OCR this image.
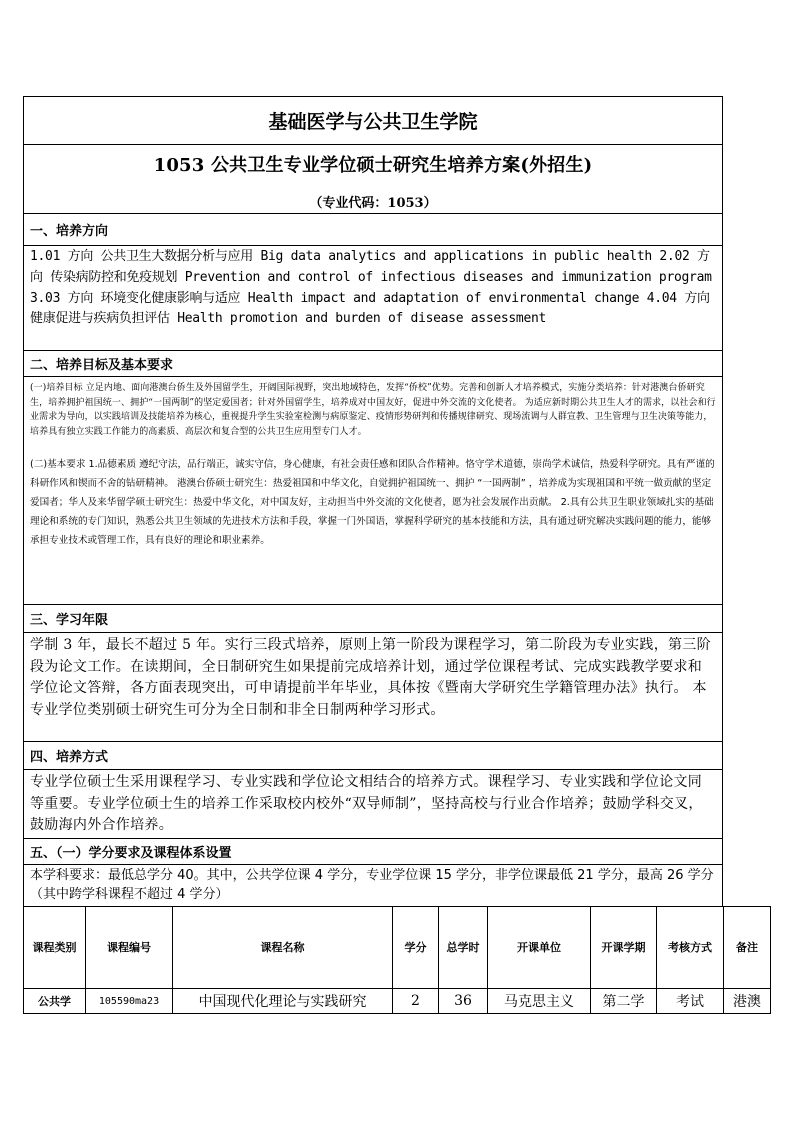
基础医学与公共卫生学院
1053 公共卫生专业学位硕士研究生培养方案(外招生)
（专业代码：1053）
一、培养方向
1.01 方向 公共卫生大数据分析与应用 Big data analytics and applications in public health 2.02 方向 传染病防控和免疫规划 Prevention and control of infectious diseases and immunization program 3.03 方向 环境变化健康影响与适应 Health impact and adaptation of environmental change 4.04 方向 健康促进与疾病负担评估 Health promotion and burden of disease assessment
二、培养目标及基本要求

(一)培养目标 立足内地、面向港澳台侨生及外国留学生，开阔国际视野，突出地域特色，发挥“侨校”优势。完善和创新人才培养模式，实施分类培养：针对港澳台侨研究生，培养拥护祖国统一、拥护“一国两制”的坚定爱国者；针对外国留学生，培养成对中国友好，促进中外交流的文化使者。 为适应新时期公共卫生人才的需求，以社会和行业需求为导向，以实践培训及技能培养为核心，重视提升学生实验室检测与病原鉴定、疫情形势研判和传播规律研究、现场流调与人群宣教、卫生管理与卫生决策等能力，培养具有独立实践工作能力的高素质、高层次和复合型的公共卫生应用型专门人才。

(二)基本要求 1.品德素质 遵纪守法，品行端正，诚实守信，身心健康，有社会责任感和团队合作精神。恪守学术道德，崇尚学术诚信，热爱科学研究。具有严谨的科研作风和锲而不舍的钻研精神。 港澳台侨硕士研究生：热爱祖国和中华文化，自觉拥护祖国统一、拥护 “一国两制” ，培养成为实现祖国和平统一做贡献的坚定爱国者；华人及来华留学硕士研究生：热爱中华文化，对中国友好，主动担当中外交流的文化使者，愿为社会发展作出贡献。 2.具有公共卫生职业领域扎实的基础理论和系统的专门知识，熟悉公共卫生领域的先进技术方法和手段，掌握一门外国语，掌握科学研究的基本技能和方法，具有通过研究解决实践问题的能力，能够承担专业技术或管理工作，具有良好的理论和职业素养。

三、学习年限
学制 3 年，最长不超过 5 年。实行三段式培养，原则上第一阶段为课程学习，第二阶段为专业实践，第三阶段为论文工作。在读期间，全日制研究生如果提前完成培养计划，通过学位课程考试、完成实践教学要求和学位论文答辩，各方面表现突出，可申请提前半年毕业，具体按《暨南大学研究生学籍管理办法》执行。 本专业学位类别硕士研究生可分为全日制和非全日制两种学习形式。
四、培养方式
专业学位硕士生采用课程学习、专业实践和学位论文相结合的培养方式。课程学习、专业实践和学位论文同等重要。专业学位硕士生的培养工作采取校内校外“双导师制”，坚持高校与行业合作培养；鼓励学科交叉，鼓励海内外合作培养。
五、（一）学分要求及课程体系设置
本学科要求：最低总学分 40。其中，公共学位课 4 学分，专业学位课 15 学分，非学位课最低 21 学分，最高 26 学分（其中跨学科课程不超过 4 学分）
课程类别	课程编号	课程名称	学分	总学时	开课单位	开课学期	考核方式	备注
公共学	105590ma23	中国现代化理论与实践研究	2	36	马克思主义	第二学	考试	港澳
